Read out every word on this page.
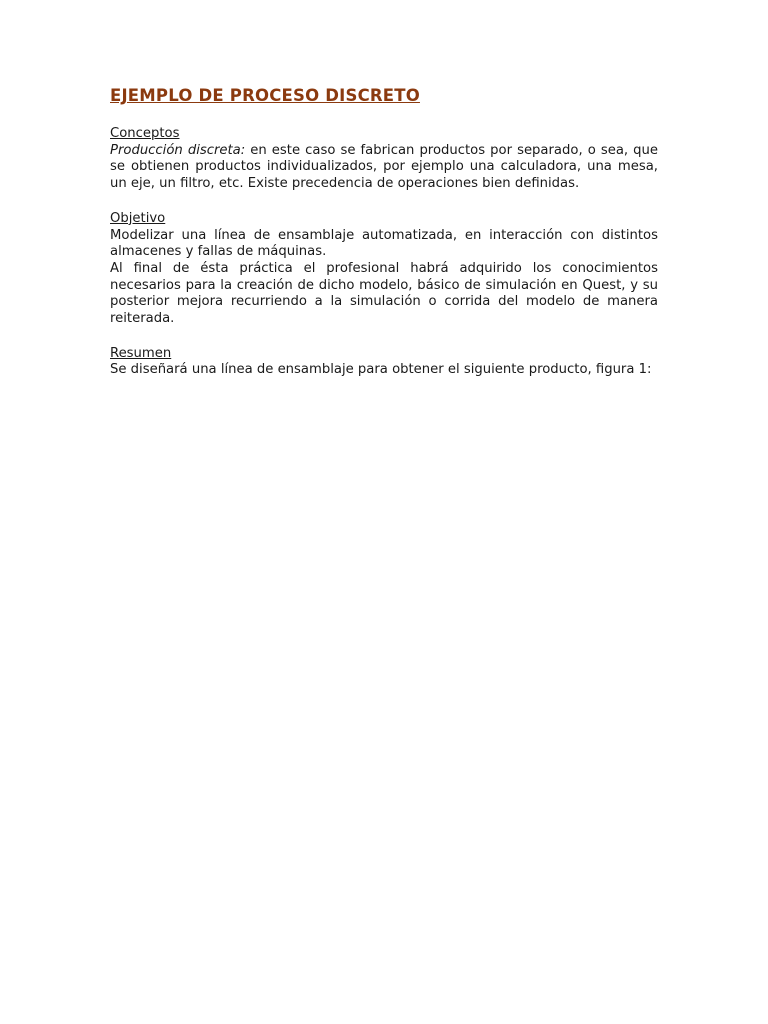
EJEMPLO DE PROCESO DISCRETO
Conceptos

Producción discreta: en este caso se fabrican productos por separado, o sea, que se obtienen productos individualizados, por ejemplo una calculadora, una mesa, un eje, un filtro, etc. Existe precedencia de operaciones bien definidas.

Objetivo

Modelizar una línea de ensamblaje automatizada, en interacción con distintos almacenes y fallas de máquinas.

Al final de ésta práctica el profesional habrá adquirido los conocimientos necesarios para la creación de dicho modelo, básico de simulación en Quest, y su posterior mejora recurriendo a la simulación o corrida del modelo de manera reiterada.

Resumen

Se diseñará una línea de ensamblaje para obtener el siguiente producto, figura 1:
